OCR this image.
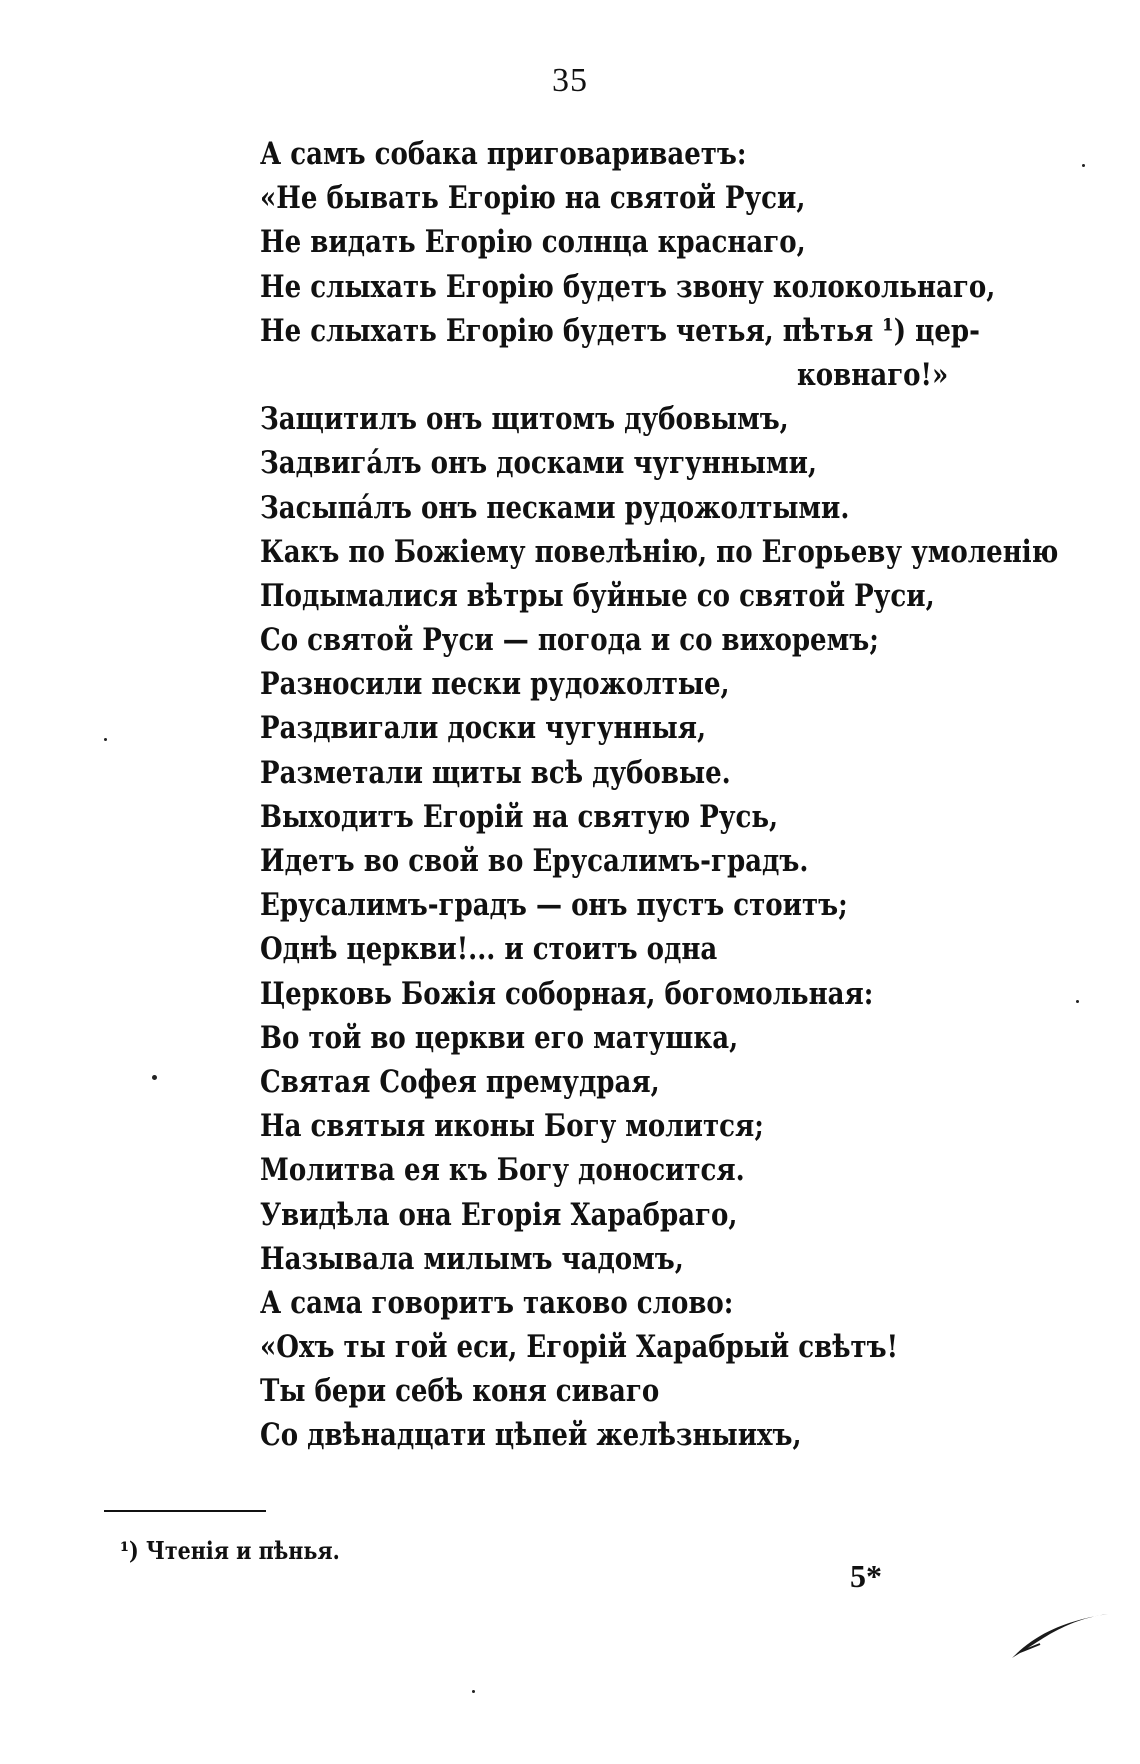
35
А самъ собака приговариваетъ:
«Не бывать Егорію на святой Руси,
Не видать Егорію солнца краснаго,
Не слыхать Егорію будетъ звону колокольнаго,
Не слыхать Егорію будетъ четья, пѣтья ¹) цер-
ковнаго!»
Защитилъ онъ щитомъ дубовымъ,
Задвига́лъ онъ досками чугунными,
Засыпа́лъ онъ песками рудожолтыми.
Какъ по Божіему повелѣнію, по Егорьеву умоленію
Подымалися вѣтры буйные со святой Руси,
Со святой Руси — погода и со вихоремъ;
Разносили пески рудожолтые,
Раздвигали доски чугунныя,
Разметали щиты всѣ дубовые.
Выходитъ Егорій на святую Русь,
Идетъ во свой во Ерусалимъ-градъ.
Ерусалимъ-градъ — онъ пустъ стоитъ;
Однѣ церкви!... и стоитъ одна
Церковь Божія соборная, богомольная:
Во той во церкви его матушка,
Святая Софея премудрая,
На святыя иконы Богу молится;
Молитва ея къ Богу доносится.
Увидѣла она Егорія Харабраго,
Называла милымъ чадомъ,
А сама говоритъ таково слово:
«Охъ ты гой еси, Егорій Харабрый свѣтъ!
Ты бери себѣ коня сиваго
Со двѣнадцати цѣпей желѣзныихъ,
¹) Чтенія и пѣнья.
5*
